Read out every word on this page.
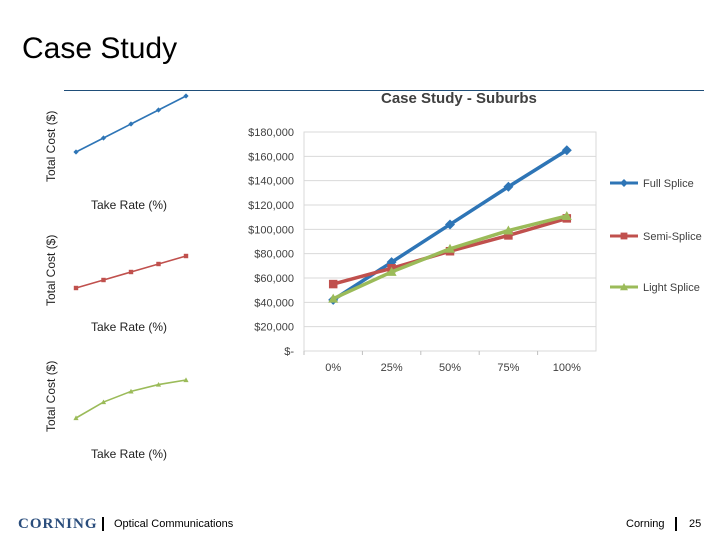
Case Study
Total Cost ($)
Take Rate (%)
Total Cost ($)
Take Rate (%)
Total Cost ($)
Take Rate (%)
Case Study - Suburbs
$-
$20,000
$40,000
$60,000
$80,000
$100,000
$120,000
$140,000
$160,000
$180,000
0%	25%	50%	75%	100%
Full Splice
Semi-Splice
Light Splice
CORNING Optical Communications	Corning 25
